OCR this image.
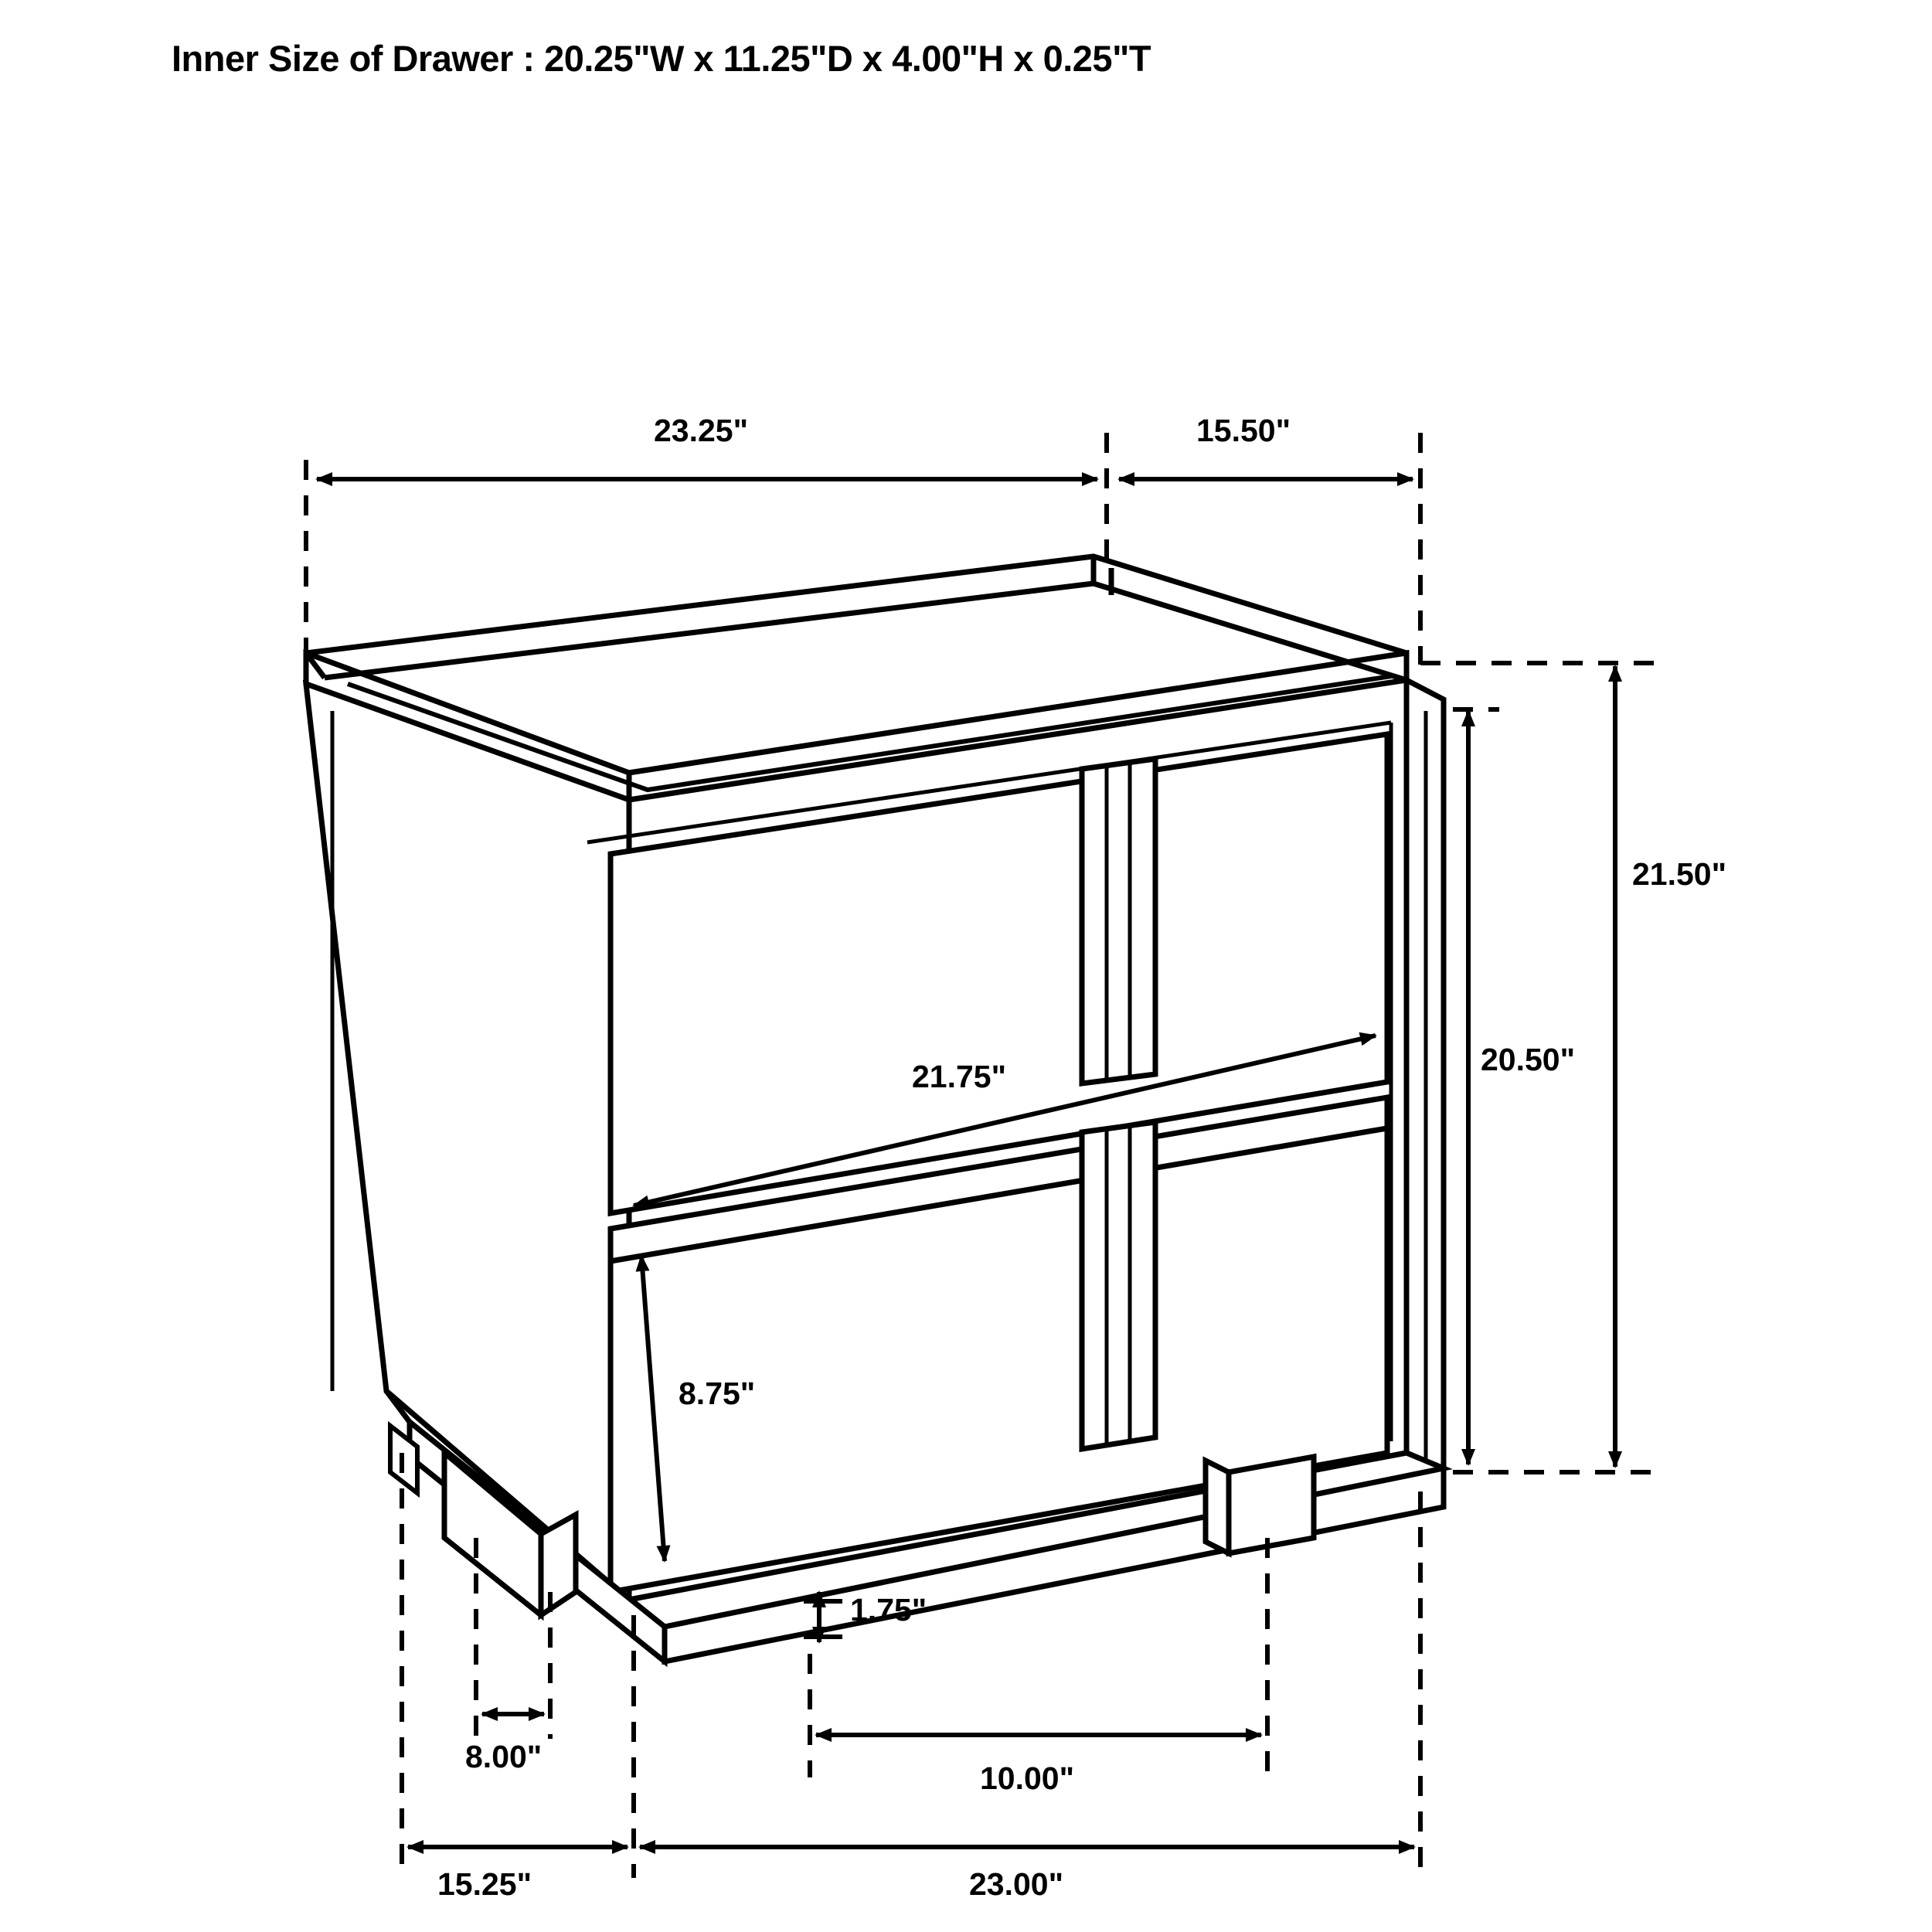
Inner Size of Drawer : 20.25"W x 11.25"D x 4.00"H x 0.25"T
23.25"	15.50"
21.50"
20.50"
21.75"
8.75"
1.75"
8.00"
10.00"
15.25"	23.00"
